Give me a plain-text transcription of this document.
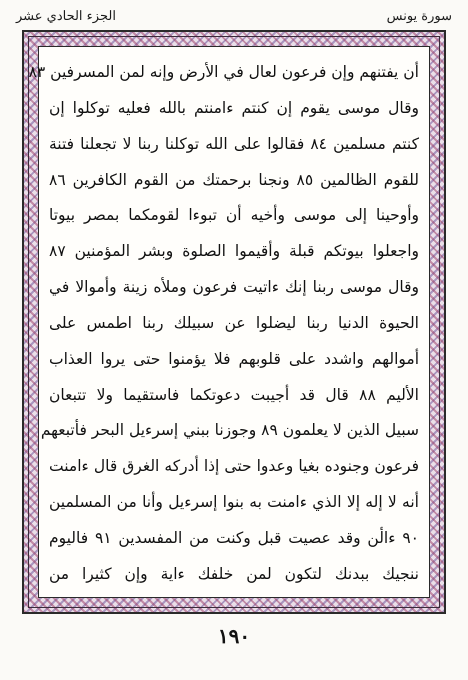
الجزء الحادي عشر	سورة يونس
أن يفتنهم وإن فرعون لعال في الأرض وإنه لمن المسرفين ٨٣
وقال موسى يقوم إن كنتم ءامنتم بالله فعليه توكلوا إن
كنتم مسلمين ٨٤ فقالوا على الله توكلنا ربنا لا تجعلنا فتنة
للقوم الظالمين ٨٥ ونجنا برحمتك من القوم الكافرين ٨٦
وأوحينا إلى موسى وأخيه أن تبوءا لقومكما بمصر بيوتا
واجعلوا بيوتكم قبلة وأقيموا الصلوة وبشر المؤمنين ٨٧
وقال موسى ربنا إنك ءاتيت فرعون وملأه زينة وأموالا في
الحيوة الدنيا ربنا ليضلوا عن سبيلك ربنا اطمس على
أموالهم واشدد على قلوبهم فلا يؤمنوا حتى يروا العذاب
الأليم ٨٨ قال قد أجيبت دعوتكما فاستقيما ولا تتبعان
سبيل الذين لا يعلمون ٨٩ وجوزنا ببني إسرءيل البحر فأتبعهم
فرعون وجنوده بغيا وعدوا حتى إذا أدركه الغرق قال ءامنت
أنه لا إله إلا الذي ءامنت به بنوا إسرءيل وأنا من المسلمين
٩٠ ءالٔن وقد عصيت قبل وكنت من المفسدين ٩١ فاليوم
ننجيك ببدنك لتكون لمن خلفك ءاية وإن كثيرا من
١٩٠
